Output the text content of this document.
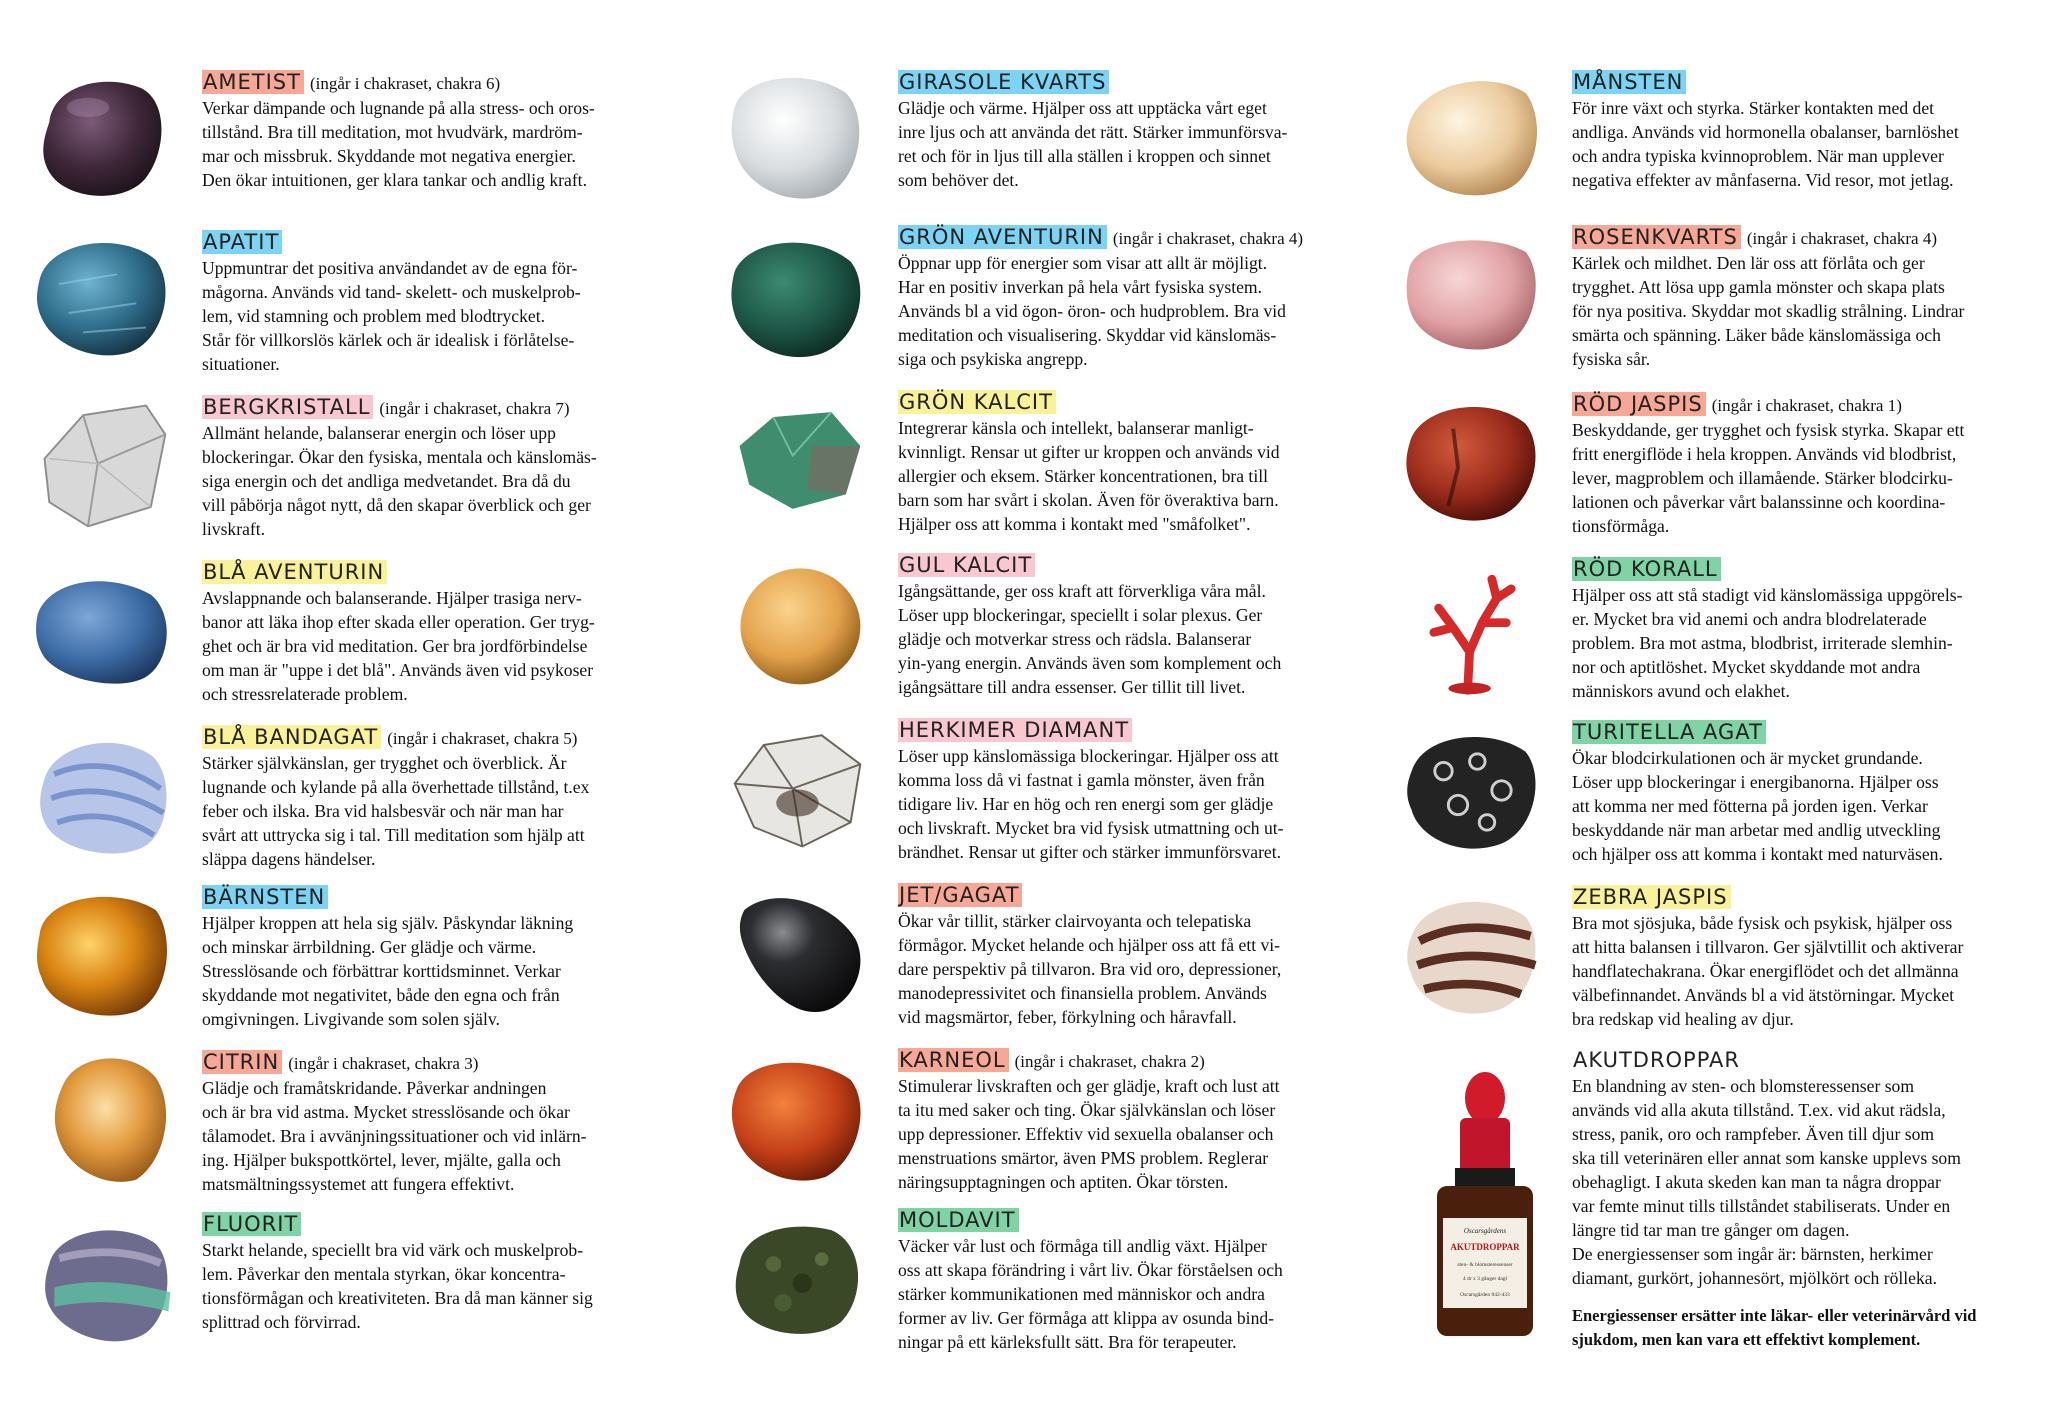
AMETIST (ingår i chakraset, chakra 6)

Verkar dämpande och lugnande på alla stress- och oros-
tillstånd. Bra till meditation, mot hvudvärk, mardröm-
mar och missbruk. Skyddande mot negativa energier.
Den ökar intuitionen, ger klara tankar och andlig kraft.

APATIT

Uppmuntrar det positiva användandet av de egna för-
mågorna. Används vid tand- skelett- och muskelprob-
lem, vid stamning och problem med blodtrycket.
Står för villkorslös kärlek och är idealisk i förlåtelse-
situationer.

BERGKRISTALL (ingår i chakraset, chakra 7)

Allmänt helande, balanserar energin och löser upp
blockeringar. Ökar den fysiska, mentala och känslomäs-
siga energin och det andliga medvetandet. Bra då du
vill påbörja något nytt, då den skapar överblick och ger
livskraft.

BLÅ AVENTURIN

Avslappnande och balanserande. Hjälper trasiga nerv-
banor att läka ihop efter skada eller operation. Ger tryg-
ghet och är bra vid meditation. Ger bra jordförbindelse
om man är "uppe i det blå". Används även vid psykoser
och stressrelaterade problem.

BLÅ BANDAGAT (ingår i chakraset, chakra 5)

Stärker självkänslan, ger trygghet och överblick. Är
lugnande och kylande på alla överhettade tillstånd, t.ex
feber och ilska. Bra vid halsbesvär och när man har
svårt att uttrycka sig i tal. Till meditation som hjälp att
släppa dagens händelser.

BÄRNSTEN

Hjälper kroppen att hela sig själv. Påskyndar läkning
och minskar ärrbildning. Ger glädje och värme.
Stresslösande och förbättrar korttidsminnet. Verkar
skyddande mot negativitet, både den egna och från
omgivningen. Livgivande som solen själv.

CITRIN (ingår i chakraset, chakra 3)

Glädje och framåtskridande. Påverkar andningen
och är bra vid astma. Mycket stresslösande och ökar
tålamodet. Bra i avvänjningssituationer och vid inlärn-
ing. Hjälper bukspottkörtel, lever, mjälte, galla och
matsmältningssystemet att fungera effektivt.

FLUORIT

Starkt helande, speciellt bra vid värk och muskelprob-
lem. Påverkar den mentala styrkan, ökar koncentra-
tionsförmågan och kreativiteten. Bra då man känner sig
splittrad och förvirrad.

GIRASOLE KVARTS

Glädje och värme. Hjälper oss att upptäcka vårt eget
inre ljus och att använda det rätt. Stärker immunförsva-
ret och för in ljus till alla ställen i kroppen och sinnet
som behöver det.

GRÖN AVENTURIN (ingår i chakraset, chakra 4)

Öppnar upp för energier som visar att allt är möjligt.
Har en positiv inverkan på hela vårt fysiska system.
Används bl a vid ögon- öron- och hudproblem. Bra vid
meditation och visualisering. Skyddar vid känslomäs-
siga och psykiska angrepp.

GRÖN KALCIT

Integrerar känsla och intellekt, balanserar manligt-
kvinnligt. Rensar ut gifter ur kroppen och används vid
allergier och eksem. Stärker koncentrationen, bra till
barn som har svårt i skolan. Även för överaktiva barn.
Hjälper oss att komma i kontakt med "småfolket".

GUL KALCIT

Igångsättande, ger oss kraft att förverkliga våra mål.
Löser upp blockeringar, speciellt i solar plexus. Ger
glädje och motverkar stress och rädsla. Balanserar
yin-yang energin. Används även som komplement och
igångsättare till andra essenser. Ger tillit till livet.

HERKIMER DIAMANT

Löser upp känslomässiga blockeringar. Hjälper oss att
komma loss då vi fastnat i gamla mönster, även från
tidigare liv. Har en hög och ren energi som ger glädje
och livskraft. Mycket bra vid fysisk utmattning och ut-
brändhet. Rensar ut gifter och stärker immunförsvaret.

JET/GAGAT

Ökar vår tillit, stärker clairvoyanta och telepatiska
förmågor. Mycket helande och hjälper oss att få ett vi-
dare perspektiv på tillvaron. Bra vid oro, depressioner,
manodepressivitet och finansiella problem. Används
vid magsmärtor, feber, förkylning och håravfall.

KARNEOL (ingår i chakraset, chakra 2)

Stimulerar livskraften och ger glädje, kraft och lust att
ta itu med saker och ting. Ökar självkänslan och löser
upp depressioner. Effektiv vid sexuella obalanser och
menstruations smärtor, även PMS problem. Reglerar
näringsupptagningen och aptiten. Ökar törsten.

MOLDAVIT

Väcker vår lust och förmåga till andlig växt. Hjälper
oss att skapa förändring i vårt liv. Ökar förståelsen och
stärker kommunikationen med människor och andra
former av liv. Ger förmåga att klippa av osunda bind-
ningar på ett kärleksfullt sätt. Bra för terapeuter.

MÅNSTEN

För inre växt och styrka. Stärker kontakten med det
andliga. Används vid hormonella obalanser, barnlöshet
och andra typiska kvinnoproblem. När man upplever
negativa effekter av månfaserna. Vid resor, mot jetlag.

ROSENKVARTS (ingår i chakraset, chakra 4)

Kärlek och mildhet. Den lär oss att förlåta och ger
trygghet. Att lösa upp gamla mönster och skapa plats
för nya positiva. Skyddar mot skadlig strålning. Lindrar
smärta och spänning. Läker både känslomässiga och
fysiska sår.

RÖD JASPIS (ingår i chakraset, chakra 1)

Beskyddande, ger trygghet och fysisk styrka. Skapar ett
fritt energiflöde i hela kroppen. Används vid blodbrist,
lever, magproblem och illamående. Stärker blodcirku-
lationen och påverkar vårt balanssinne och koordina-
tionsförmåga.

RÖD KORALL

Hjälper oss att stå stadigt vid känslomässiga uppgörels-
er. Mycket bra vid anemi och andra blodrelaterade
problem. Bra mot astma, blodbrist, irriterade slemhin-
nor och aptitlöshet. Mycket skyddande mot andra
människors avund och elakhet.

TURITELLA AGAT

Ökar blodcirkulationen och är mycket grundande.
Löser upp blockeringar i energibanorna. Hjälper oss
att komma ner med fötterna på jorden igen. Verkar
beskyddande när man arbetar med andlig utveckling
och hjälper oss att komma i kontakt med naturväsen.

ZEBRA JASPIS

Bra mot sjösjuka, både fysisk och psykisk, hjälper oss
att hitta balansen i tillvaron. Ger självtillit och aktiverar
handflatechakrana. Ökar energiflödet och det allmänna
välbefinnandet. Används bl a vid ätstörningar. Mycket
bra redskap vid healing av djur.

Oscarsgårdens
AKUTDROPPAR
sten- & blomsteressenser
4 dr x 3 gånger dagl
Oscarsgården 042-433
AKUTDROPPAR

En blandning av sten- och blomsteressenser som
används vid alla akuta tillstånd. T.ex. vid akut rädsla,
stress, panik, oro och rampfeber. Även till djur som
ska till veterinären eller annat som kanske upplevs som
obehagligt. I akuta skeden kan man ta några droppar
var femte minut tills tillståndet stabiliserats. Under en
längre tid tar man tre gånger om dagen.
De energiessenser som ingår är: bärnsten, herkimer
diamant, gurkört, johannesört, mjölkört och rölleka.

Energiessenser ersätter inte läkar- eller veterinärvård vid
sjukdom, men kan vara ett effektivt komplement.
